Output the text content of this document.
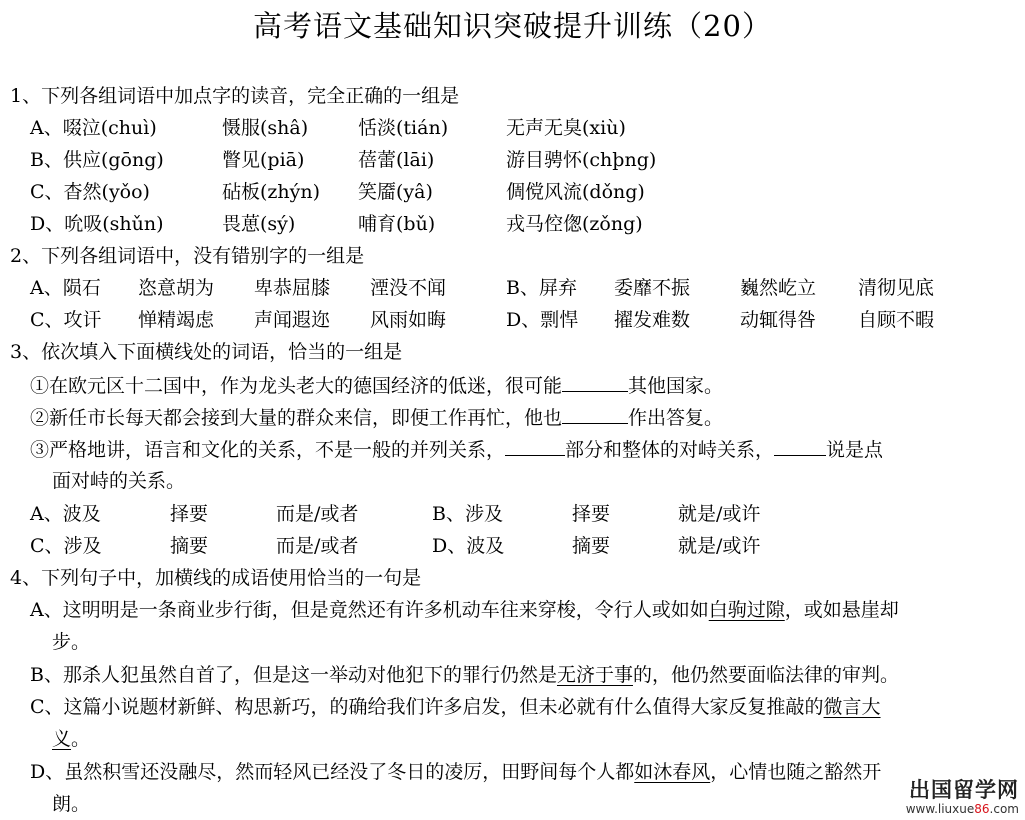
高考语文基础知识突破提升训练（20）
1、下列各组词语中加点字的读音，完全正确的一组是
A、啜泣(chuì)	慑服(shâ)	恬淡(tián)	无声无臭(xiù)
B、供应(gōng)	瞥见(piā)	蓓蕾(lāi)	游目骋怀(chþng)
C、杳然(yǒo)	砧板(zhýn) 笑靥(yâ)	倜傥风流(dǒng)
D、吮吸(shǔn)	畏葸(sý)	哺育(bǔ)	戎马倥偬(zǒng)
2、下列各组词语中，没有错别字的一组是
A、陨石 恣意胡为 卑恭屈膝 湮没不闻	B、屏弃 委靡不振	巍然屹立 清彻见底
C、攻讦 惮精竭虑 声闻遐迩 风雨如晦	D、剽悍 擢发难数	动辄得咎 自顾不暇
3、依次填入下面横线处的词语，恰当的一组是
①在欧元区十二国中，作为龙头老大的德国经济的低迷，很可能	其他国家。
②新任市长每天都会接到大量的群众来信，即便工作再忙，他也	作出答复。
③严格地讲，语言和文化的关系，不是一般的并列关系，	部分和整体的对峙关系，	说是点
面对峙的关系。
A、波及	择要	而是/或者	B、涉及	择要	就是/或许
C、涉及	摘要	而是/或者	D、波及	摘要	就是/或许
4、下列句子中，加横线的成语使用恰当的一句是
A、这明明是一条商业步行街，但是竟然还有许多机动车往来穿梭，令行人或如如白驹过隙，或如悬崖却
步。
B、那杀人犯虽然自首了，但是这一举动对他犯下的罪行仍然是无济于事的，他仍然要面临法律的审判。
C、这篇小说题材新鲜、构思新巧，的确给我们许多启发，但未必就有什么值得大家反复推敲的微言大
义。
D、虽然积雪还没融尽，然而轻风已经没了冬日的凌厉，田野间每个人都如沐春风，心情也随之豁然开
朗。
出国留学网
www.liuxue86.com
